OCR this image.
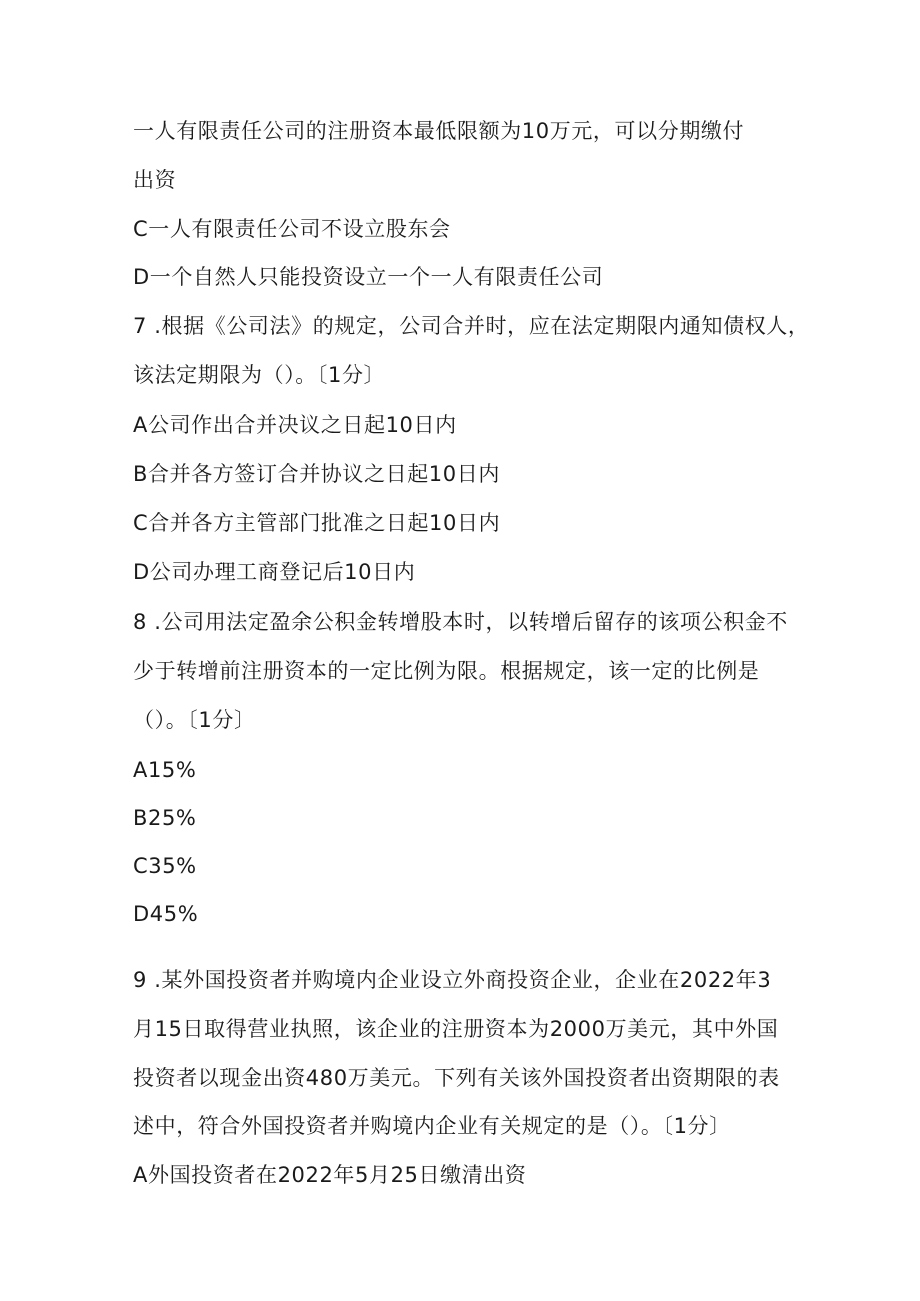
一人有限责任公司的注册资本最低限额为10万元，可以分期缴付
出资
C一人有限责任公司不设立股东会
D一个自然人只能投资设立一个一人有限责任公司
7 .根据《公司法》的规定，公司合并时，应在法定期限内通知债权人，
该法定期限为（）。〔1分〕
A公司作出合并决议之日起10日内
B合并各方签订合并协议之日起10日内
C合并各方主管部门批准之日起10日内
D公司办理工商登记后10日内
8 .公司用法定盈余公积金转增股本时，以转增后留存的该项公积金不
少于转增前注册资本的一定比例为限。根据规定，该一定的比例是
（）。〔1分〕
A15%
B25%
C35%
D45%
9 .某外国投资者并购境内企业设立外商投资企业，企业在2022年3
月15日取得营业执照，该企业的注册资本为2000万美元，其中外国
投资者以现金出资480万美元。下列有关该外国投资者出资期限的表
述中，符合外国投资者并购境内企业有关规定的是（）。〔1分〕
A外国投资者在2022年5月25日缴清出资
